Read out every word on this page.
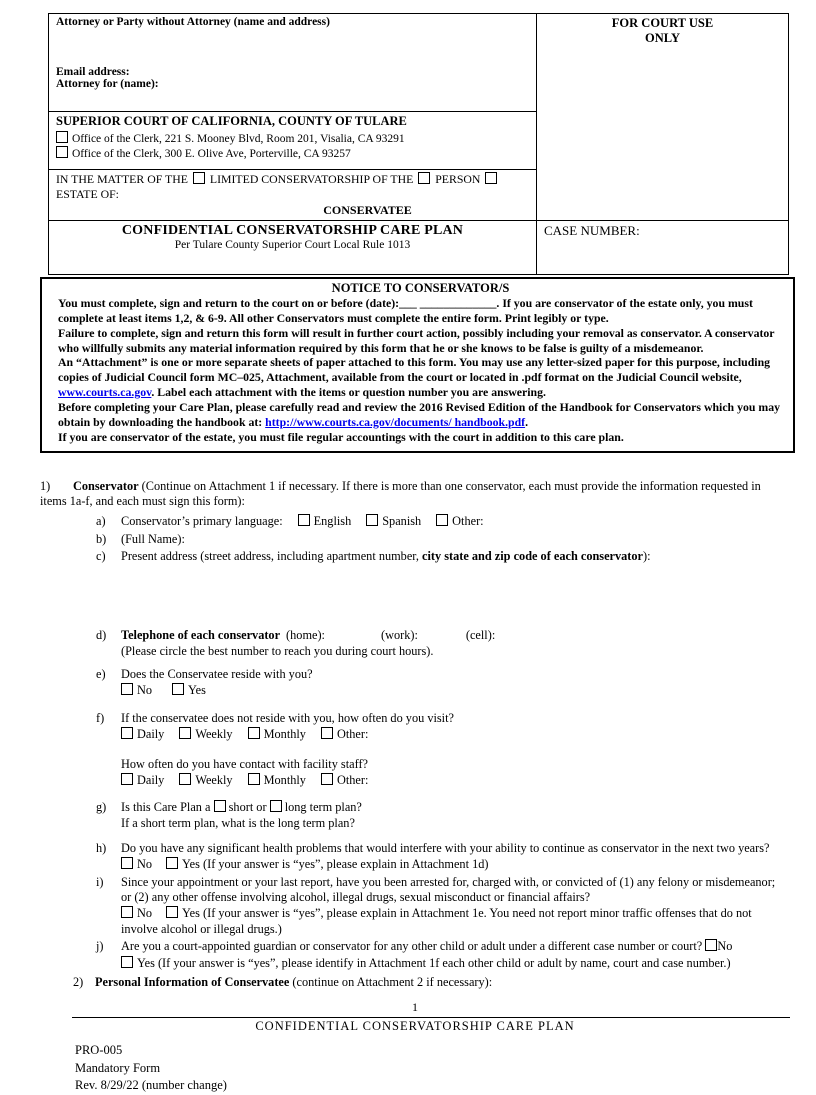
Attorney or Party without Attorney (name and address)
Email address:
Attorney for (name):

FOR COURT USE
ONLY

SUPERIOR COURT OF CALIFORNIA, COUNTY OF TULARE
Office of the Clerk, 221 S. Mooney Blvd, Room 201, Visalia, CA 93291
Office of the Clerk, 300 E. Olive Ave, Porterville, CA 93257	

IN THE MATTER OF THE LIMITED CONSERVATORSHIP OF THE PERSON  ESTATE OF:
CONSERVATEE	

CONFIDENTIAL CONSERVATORSHIP CARE PLAN
Per Tulare County Superior Court Local Rule 1013	CASE NUMBER:
NOTICE TO CONSERVATOR/S
You must complete, sign and return to the court on or before (date):___ _____________. If you are conservator of the estate only, you must complete at least items 1,2, & 6-9. All other Conservators must complete the entire form. Print legibly or type.
Failure to complete, sign and return this form will result in further court action, possibly including your removal as conservator. A conservator who willfully submits any material information required by this form that he or she knows to be false is guilty of a misdemeanor.
An “Attachment” is one or more separate sheets of paper attached to this form. You may use any letter-sized paper for this purpose, including copies of Judicial Council form MC–025, Attachment, available from the court or located in .pdf format on the Judicial Council website, www.courts.ca.gov. Label each attachment with the items or question number you are answering.
Before completing your Care Plan, please carefully read and review the 2016 Revised Edition of the Handbook for Conservators which you may obtain by downloading the handbook at: http://www.courts.ca.gov/documents/ handbook.pdf.
If you are conservator of the estate, you must file regular accountings with the court in addition to this care plan.
1) Conservator (Continue on Attachment 1 if necessary. If there is more than one conservator, each must provide the information requested in items 1a-f, and each must sign this form):
a)	Conservator’s primary language:	English	Spanish	Other:
b)	(Full Name):
c)	Present address (street address, including apartment number, city state and zip code of each conservator):
d)	Telephone of each conservator (home):	(work):	(cell):
(Please circle the best number to reach you during court hours).
e)	Does the Conservatee reside with you?
No	Yes
f)	If the conservatee does not reside with you, how often do you visit?
Daily	Weekly	Monthly	Other:
How often do you have contact with facility staff?
Daily	Weekly	Monthly	Other:
g)	Is this Care Plan a short or long term plan?
If a short term plan, what is the long term plan?
h)	Do you have any significant health problems that would interfere with your ability to continue as conservator in the next two years?
No Yes (If your answer is “yes”, please explain in Attachment 1d)
i)	Since your appointment or your last report, have you been arrested for, charged with, or convicted of (1) any felony or misdemeanor; or (2) any other offense involving alcohol, illegal drugs, sexual misconduct or financial affairs?
No Yes (If your answer is “yes”, please explain in Attachment 1e. You need not report minor traffic offenses that do not involve alcohol or illegal drugs.)
j)	Are you a court-appointed guardian or conservator for any other child or adult under a different case number or court? No
Yes (If your answer is “yes”, please identify in Attachment 1f each other child or adult by name, court and case number.)
2) Personal Information of Conservatee (continue on Attachment 2 if necessary):
1
CONFIDENTIAL CONSERVATORSHIP CARE PLAN
PRO-005
Mandatory Form
Rev. 8/29/22 (number change)
